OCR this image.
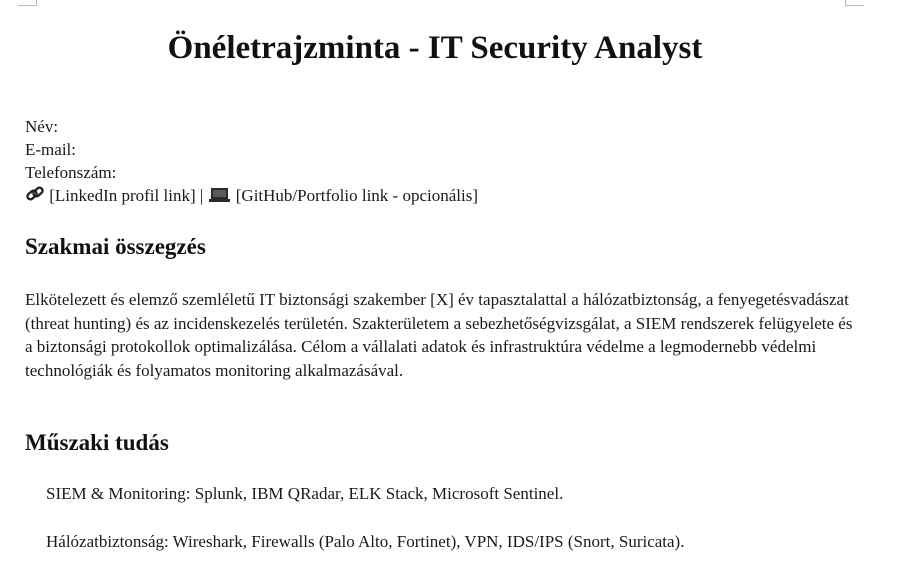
Önéletrajzminta - IT Security Analyst
Név:
E-mail:
Telefonszám:
[LinkedIn profil link] |  [GitHub/Portfolio link - opcionális]
Szakmai összegzés

Elkötelezett és elemző szemléletű IT biztonsági szakember [X] év tapasztalattal a hálózatbiztonság, a fenyegetésvadászat (threat hunting) és az incidenskezelés területén. Szakterületem a sebezhetőségvizsgálat, a SIEM rendszerek felügyelete és a biztonsági protokollok optimalizálása. Célom a vállalati adatok és infrastruktúra védelme a legmodernebb védelmi technológiák és folyamatos monitoring alkalmazásával.

Műszaki tudás

SIEM & Monitoring: Splunk, IBM QRadar, ELK Stack, Microsoft Sentinel.

Hálózatbiztonság: Wireshark, Firewalls (Palo Alto, Fortinet), VPN, IDS/IPS (Snort, Suricata).
